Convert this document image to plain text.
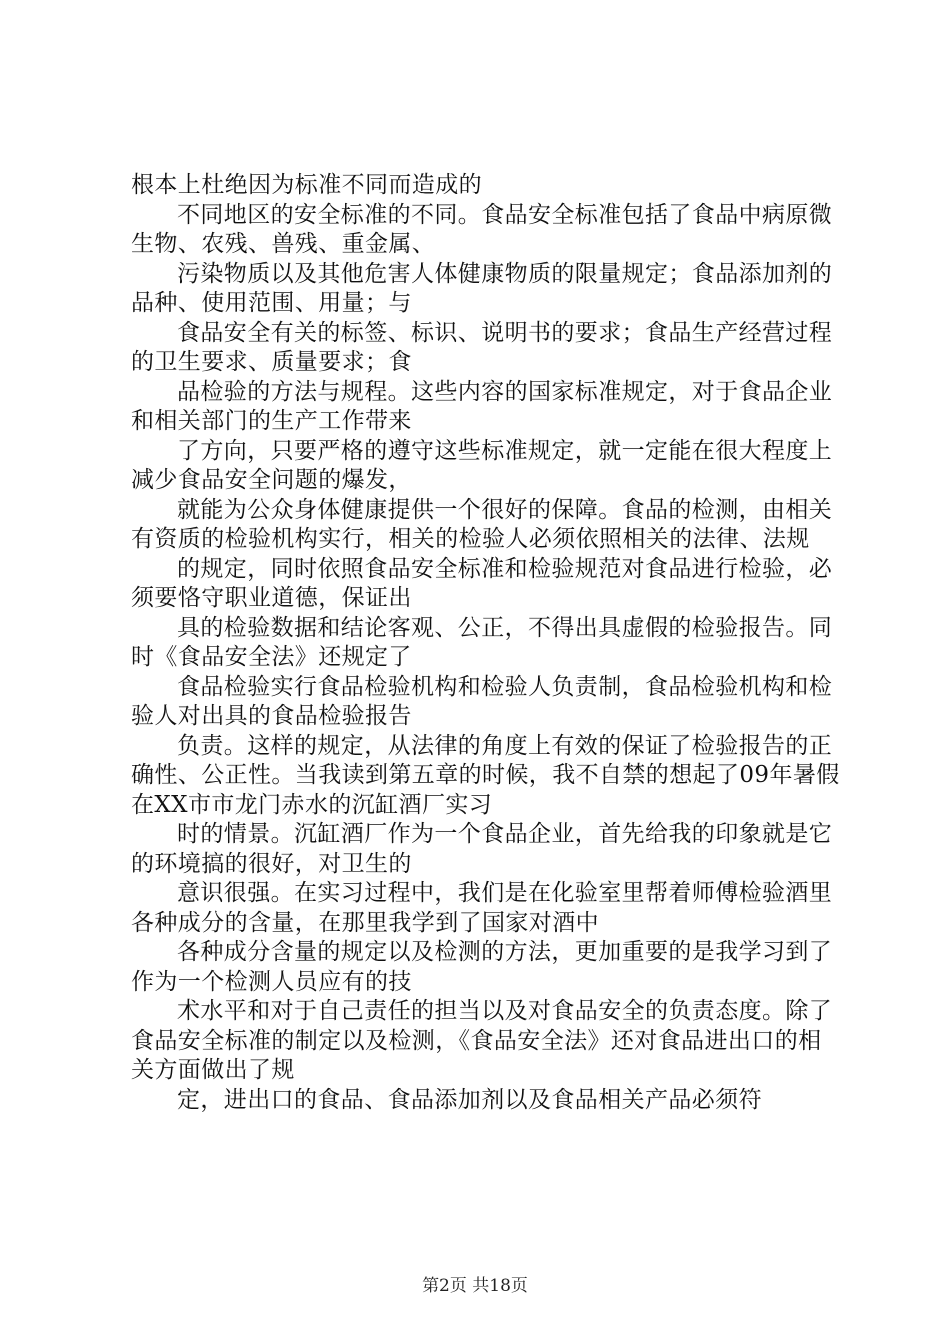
根本上杜绝因为标准不同而造成的

不同地区的安全标准的不同。食品安全标准包括了食品中病原微生物、农残、兽残、重金属、

污染物质以及其他危害人体健康物质的限量规定；食品添加剂的品种、使用范围、用量；与

食品安全有关的标签、标识、说明书的要求；食品生产经营过程的卫生要求、质量要求；食

品检验的方法与规程。这些内容的国家标准规定，对于食品企业和相关部门的生产工作带来

了方向，只要严格的遵守这些标准规定，就一定能在很大程度上减少食品安全问题的爆发，

就能为公众身体健康提供一个很好的保障。食品的检测，由相关有资质的检验机构实行，相关的检验人必须依照相关的法律、法规

的规定，同时依照食品安全标准和检验规范对食品进行检验，必须要恪守职业道德，保证出

具的检验数据和结论客观、公正，不得出具虚假的检验报告。同时《食品安全法》还规定了

食品检验实行食品检验机构和检验人负责制，食品检验机构和检验人对出具的食品检验报告

负责。这样的规定，从法律的角度上有效的保证了检验报告的正确性、公正性。当我读到第五章的时候，我不自禁的想起了09年暑假在XX市市龙门赤水的沉缸酒厂实习

时的情景。沉缸酒厂作为一个食品企业，首先给我的印象就是它的环境搞的很好，对卫生的

意识很强。在实习过程中，我们是在化验室里帮着师傅检验酒里各种成分的含量，在那里我学到了国家对酒中

各种成分含量的规定以及检测的方法，更加重要的是我学习到了作为一个检测人员应有的技

术水平和对于自己责任的担当以及对食品安全的负责态度。除了食品安全标准的制定以及检测，《食品安全法》还对食品进出口的相关方面做出了规

定，进出口的食品、食品添加剂以及食品相关产品必须符

第2页 共18页
